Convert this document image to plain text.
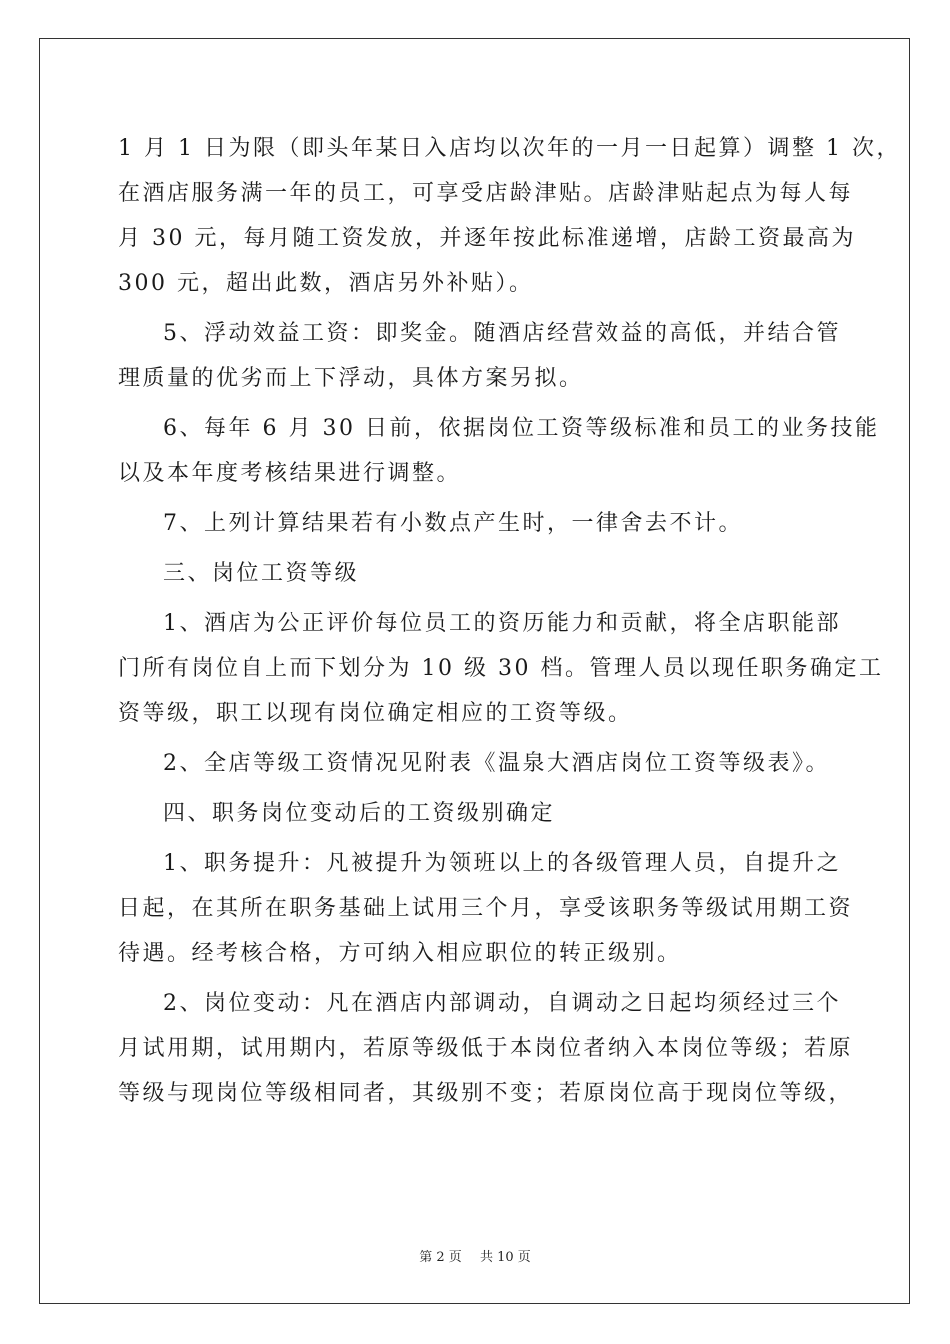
1 月 1 日为限（即头年某日入店均以次年的一月一日起算）调整 1 次，
在酒店服务满一年的员工，可享受店龄津贴。店龄津贴起点为每人每
月 30 元，每月随工资发放，并逐年按此标准递增，店龄工资最高为
300 元，超出此数，酒店另外补贴）。
5、浮动效益工资：即奖金。随酒店经营效益的高低，并结合管
理质量的优劣而上下浮动，具体方案另拟。
6、每年 6 月 30 日前，依据岗位工资等级标准和员工的业务技能
以及本年度考核结果进行调整。
7、上列计算结果若有小数点产生时，一律舍去不计。
三、岗位工资等级
1、酒店为公正评价每位员工的资历能力和贡献，将全店职能部
门所有岗位自上而下划分为 10 级 30 档。管理人员以现任职务确定工
资等级，职工以现有岗位确定相应的工资等级。
2、全店等级工资情况见附表《温泉大酒店岗位工资等级表》。
四、职务岗位变动后的工资级别确定
1、职务提升：凡被提升为领班以上的各级管理人员，自提升之
日起，在其所在职务基础上试用三个月，享受该职务等级试用期工资
待遇。经考核合格，方可纳入相应职位的转正级别。
2、岗位变动：凡在酒店内部调动，自调动之日起均须经过三个
月试用期，试用期内，若原等级低于本岗位者纳入本岗位等级；若原
等级与现岗位等级相同者，其级别不变；若原岗位高于现岗位等级，
第 2 页 共 10 页
